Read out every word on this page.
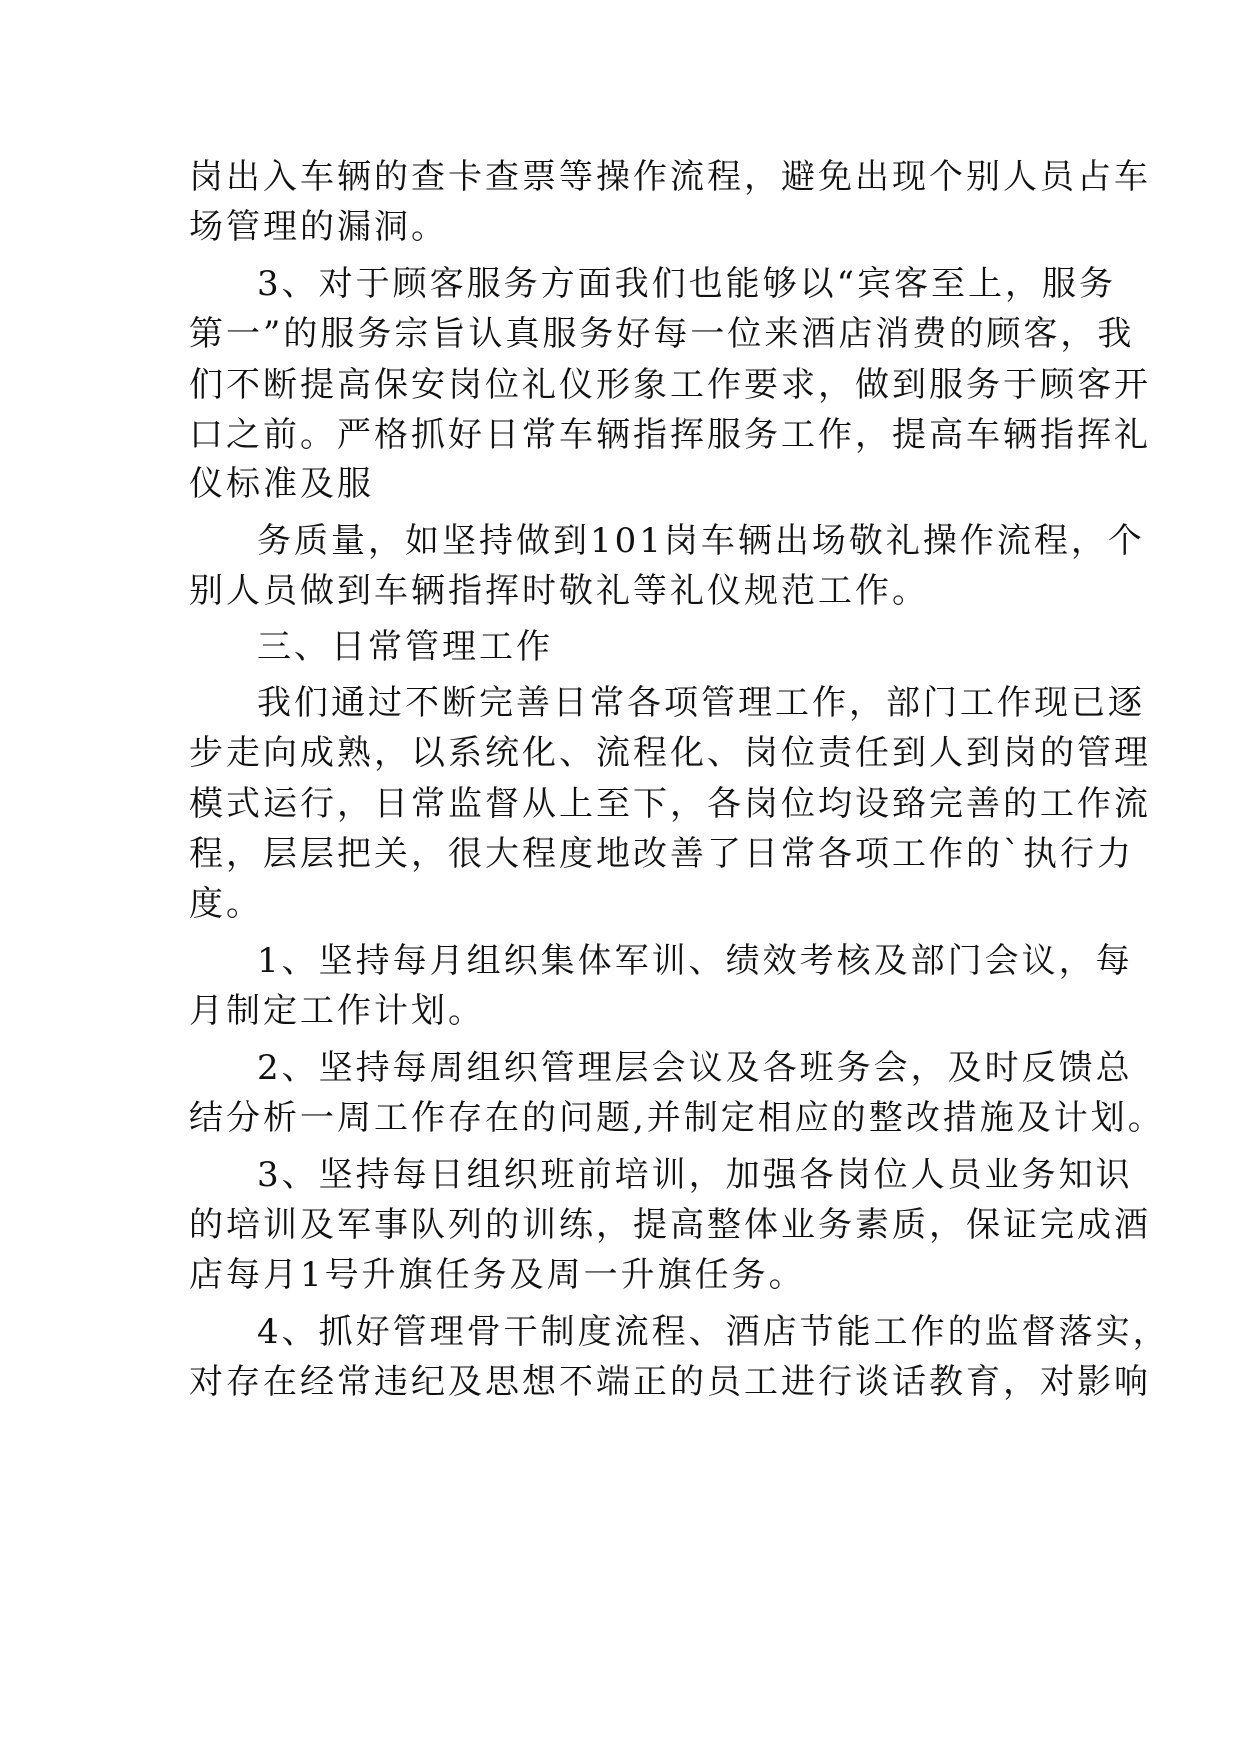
岗出入车辆的查卡查票等操作流程，避免出现个别人员占车
场管理的漏洞。
3、对于顾客服务方面我们也能够以“宾客至上，服务
第一”的服务宗旨认真服务好每一位来酒店消费的顾客，我
们不断提高保安岗位礼仪形象工作要求，做到服务于顾客开
口之前。严格抓好日常车辆指挥服务工作，提高车辆指挥礼
仪标准及服
务质量，如坚持做到101岗车辆出场敬礼操作流程，个
别人员做到车辆指挥时敬礼等礼仪规范工作。
三、日常管理工作
我们通过不断完善日常各项管理工作，部门工作现已逐
步走向成熟，以系统化、流程化、岗位责任到人到岗的管理
模式运行，日常监督从上至下，各岗位均设臵完善的工作流
程，层层把关，很大程度地改善了日常各项工作的`执行力
度。
1、坚持每月组织集体军训、绩效考核及部门会议，每
月制定工作计划。
2、坚持每周组织管理层会议及各班务会，及时反馈总
结分析一周工作存在的问题,并制定相应的整改措施及计划。
3、坚持每日组织班前培训，加强各岗位人员业务知识
的培训及军事队列的训练，提高整体业务素质，保证完成酒
店每月1号升旗任务及周一升旗任务。
4、抓好管理骨干制度流程、酒店节能工作的监督落实，
对存在经常违纪及思想不端正的员工进行谈话教育，对影响
